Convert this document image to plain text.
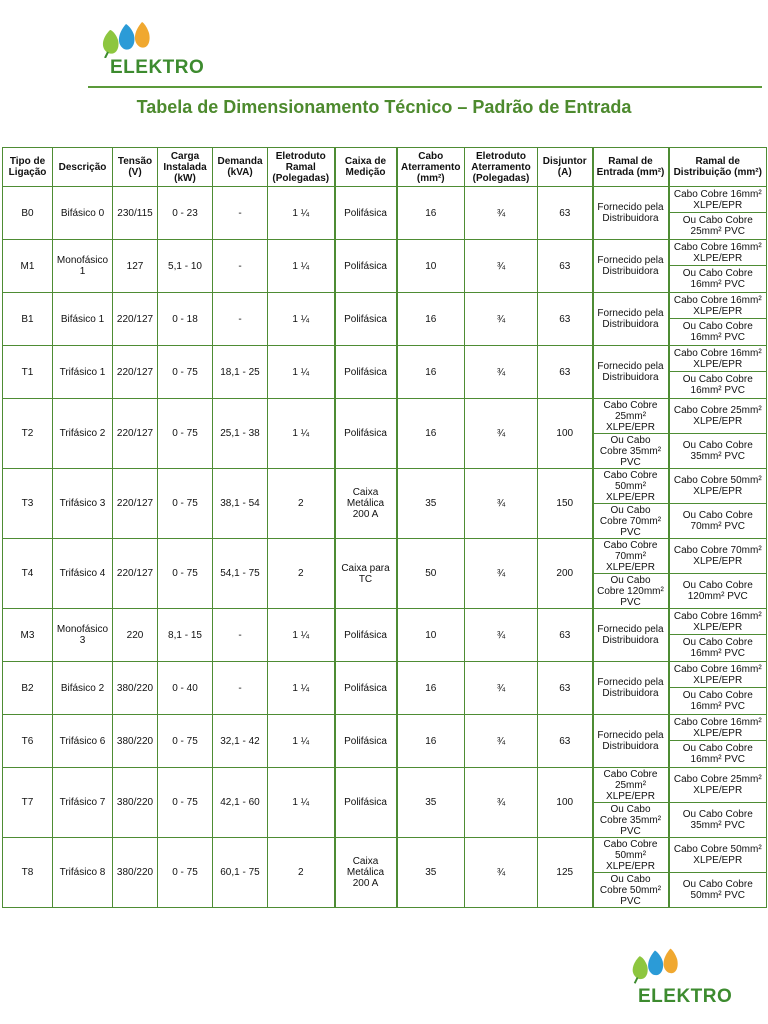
ELEKTRO
Tabela de Dimensionamento Técnico – Padrão de Entrada
Tipo de Ligação	Descrição	Tensão (V)	Carga Instalada (kW)	Demanda (kVA)	Eletroduto Ramal (Polegadas)	Caixa de Medição	Cabo Aterramento (mm²)	Eletroduto Aterramento (Polegadas)	Disjuntor (A)	Ramal de Entrada (mm²)	Ramal de Distribuição (mm²)
B0	Bifásico 0	230/115	0 - 23	-	1 ¼	Polifásica	16	¾	63	Fornecido pela Distribuidora	Cabo Cobre 16mm² XLPE/EPR
											Ou Cabo Cobre 25mm² PVC
M1	Monofásico 1	127	5,1 - 10	-	1 ¼	Polifásica	10	¾	63	Fornecido pela Distribuidora	Cabo Cobre 16mm² XLPE/EPR
											Ou Cabo Cobre 16mm² PVC
B1	Bifásico 1	220/127	0 - 18	-	1 ¼	Polifásica	16	¾	63	Fornecido pela Distribuidora	Cabo Cobre 16mm² XLPE/EPR
											Ou Cabo Cobre 16mm² PVC
T1	Trifásico 1	220/127	0 - 75	18,1 - 25	1 ¼	Polifásica	16	¾	63	Fornecido pela Distribuidora	Cabo Cobre 16mm² XLPE/EPR
											Ou Cabo Cobre 16mm² PVC
T2	Trifásico 2	220/127	0 - 75	25,1 - 38	1 ¼	Polifásica	16	¾	100	Cabo Cobre 25mm² XLPE/EPR	Cabo Cobre 25mm² XLPE/EPR
										Ou Cabo Cobre 35mm² PVC	Ou Cabo Cobre 35mm² PVC
T3	Trifásico 3	220/127	0 - 75	38,1 - 54	2	Caixa Metálica 200 A	35	¾	150	Cabo Cobre 50mm² XLPE/EPR	Cabo Cobre 50mm² XLPE/EPR
										Ou Cabo Cobre 70mm² PVC	Ou Cabo Cobre 70mm² PVC
T4	Trifásico 4	220/127	0 - 75	54,1 - 75	2	Caixa para TC	50	¾	200	Cabo Cobre 70mm² XLPE/EPR	Cabo Cobre 70mm² XLPE/EPR
										Ou Cabo Cobre 120mm² PVC	Ou Cabo Cobre 120mm² PVC
M3	Monofásico 3	220	8,1 - 15	-	1 ¼	Polifásica	10	¾	63	Fornecido pela Distribuidora	Cabo Cobre 16mm² XLPE/EPR
											Ou Cabo Cobre 16mm² PVC
B2	Bifásico 2	380/220	0 - 40	-	1 ¼	Polifásica	16	¾	63	Fornecido pela Distribuidora	Cabo Cobre 16mm² XLPE/EPR
											Ou Cabo Cobre 16mm² PVC
T6	Trifásico 6	380/220	0 - 75	32,1 - 42	1 ¼	Polifásica	16	¾	63	Fornecido pela Distribuidora	Cabo Cobre 16mm² XLPE/EPR
											Ou Cabo Cobre 16mm² PVC
T7	Trifásico 7	380/220	0 - 75	42,1 - 60	1 ¼	Polifásica	35	¾	100	Cabo Cobre 25mm² XLPE/EPR	Cabo Cobre 25mm² XLPE/EPR
										Ou Cabo Cobre 35mm² PVC	Ou Cabo Cobre 35mm² PVC
T8	Trifásico 8	380/220	0 - 75	60,1 - 75	2	Caixa Metálica 200 A	35	¾	125	Cabo Cobre 50mm² XLPE/EPR	Cabo Cobre 50mm² XLPE/EPR
										Ou Cabo Cobre 50mm² PVC	Ou Cabo Cobre 50mm² PVC
ELEKTRO
